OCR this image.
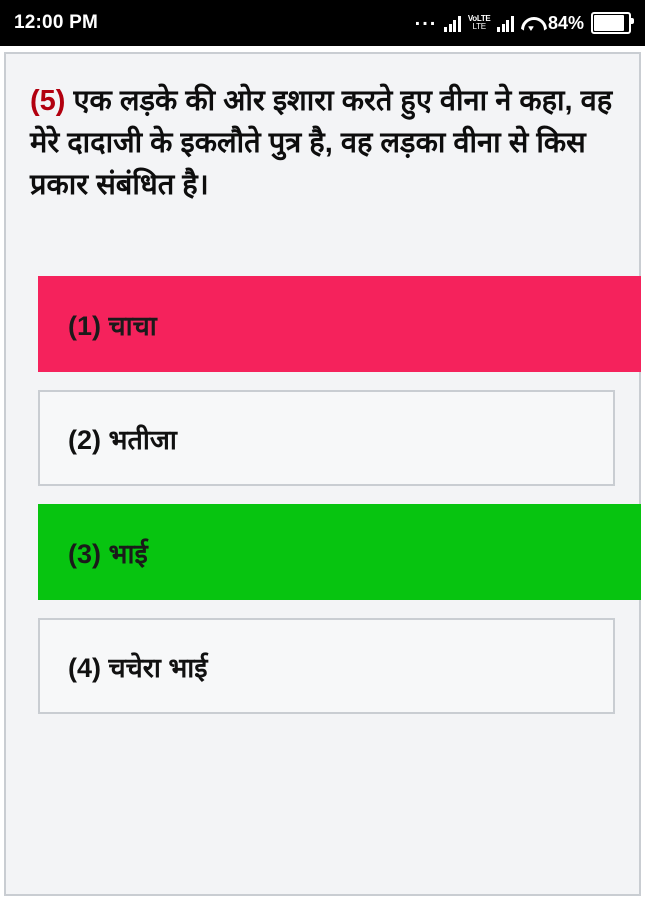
12:00 PM	...	VoLTE
LTE	84%

(5) एक लड़के की ओर इशारा करते हुए वीना ने कहा, वह मेरे दादाजी के इकलौते पुत्र है, वह लड़का वीना से किस प्रकार संबंधित है।

(1) चाचा
(2) भतीजा
(3) भाई
(4) चचेरा भाई
